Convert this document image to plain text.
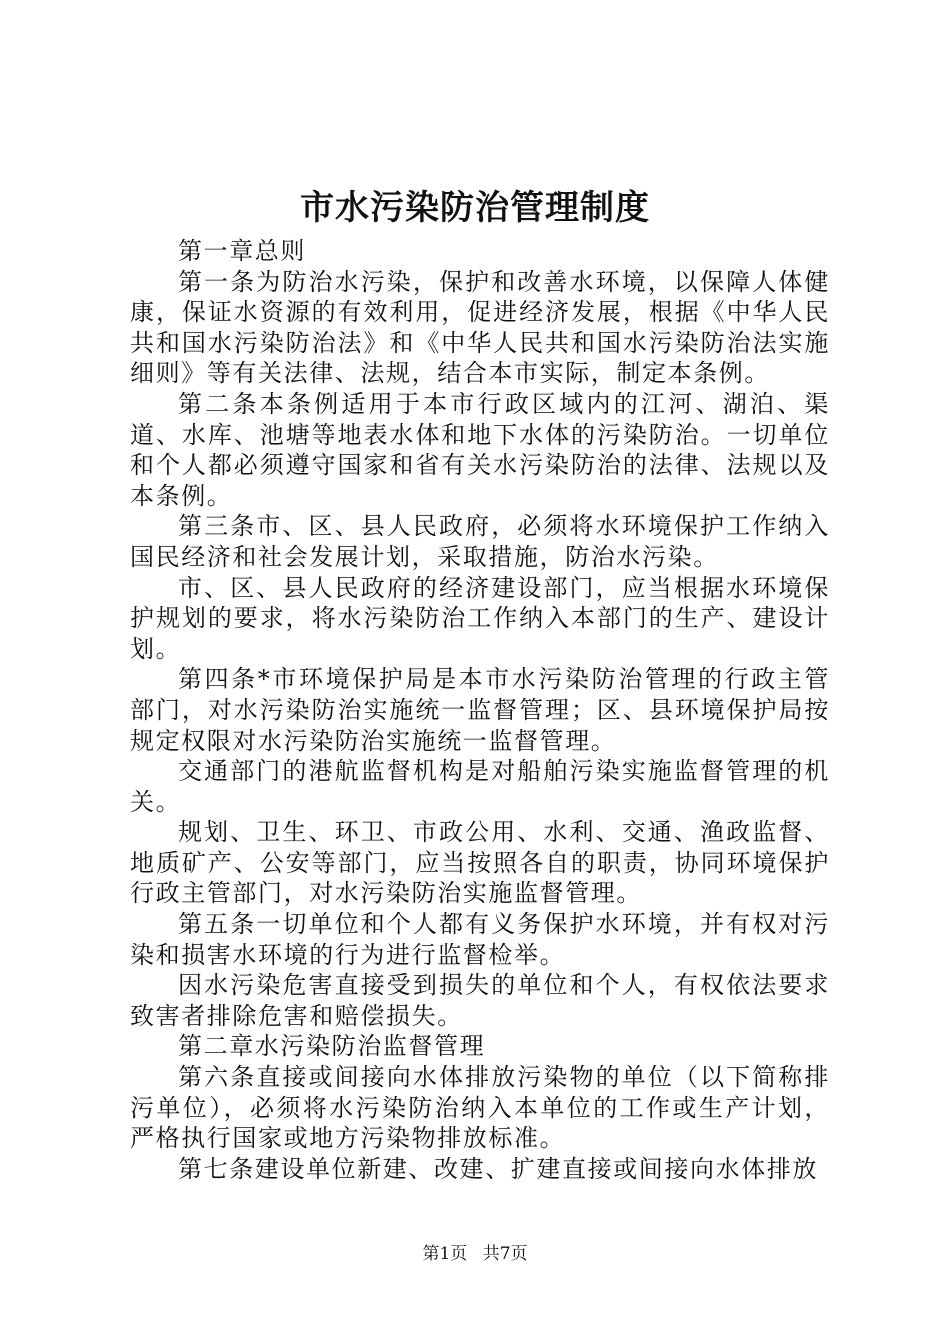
市水污染防治管理制度

第一章总则

第一条为防治水污染，保护和改善水环境，以保障人体健康，保证水资源的有效利用，促进经济发展，根据《中华人民共和国水污染防治法》和《中华人民共和国水污染防治法实施细则》等有关法律、法规，结合本市实际，制定本条例。

第二条本条例适用于本市行政区域内的江河、湖泊、渠道、水库、池塘等地表水体和地下水体的污染防治。一切单位和个人都必须遵守国家和省有关水污染防治的法律、法规以及本条例。

第三条市、区、县人民政府，必须将水环境保护工作纳入国民经济和社会发展计划，采取措施，防治水污染。

市、区、县人民政府的经济建设部门，应当根据水环境保护规划的要求，将水污染防治工作纳入本部门的生产、建设计划。

第四条*市环境保护局是本市水污染防治管理的行政主管部门，对水污染防治实施统一监督管理；区、县环境保护局按规定权限对水污染防治实施统一监督管理。

交通部门的港航监督机构是对船舶污染实施监督管理的机关。

规划、卫生、环卫、市政公用、水利、交通、渔政监督、地质矿产、公安等部门，应当按照各自的职责，协同环境保护行政主管部门，对水污染防治实施监督管理。

第五条一切单位和个人都有义务保护水环境，并有权对污染和损害水环境的行为进行监督检举。

因水污染危害直接受到损失的单位和个人，有权依法要求致害者排除危害和赔偿损失。

第二章水污染防治监督管理

第六条直接或间接向水体排放污染物的单位（以下简称排污单位），必须将水污染防治纳入本单位的工作或生产计划，严格执行国家或地方污染物排放标准。

第七条建设单位新建、改建、扩建直接或间接向水体排放

第1页 共7页
